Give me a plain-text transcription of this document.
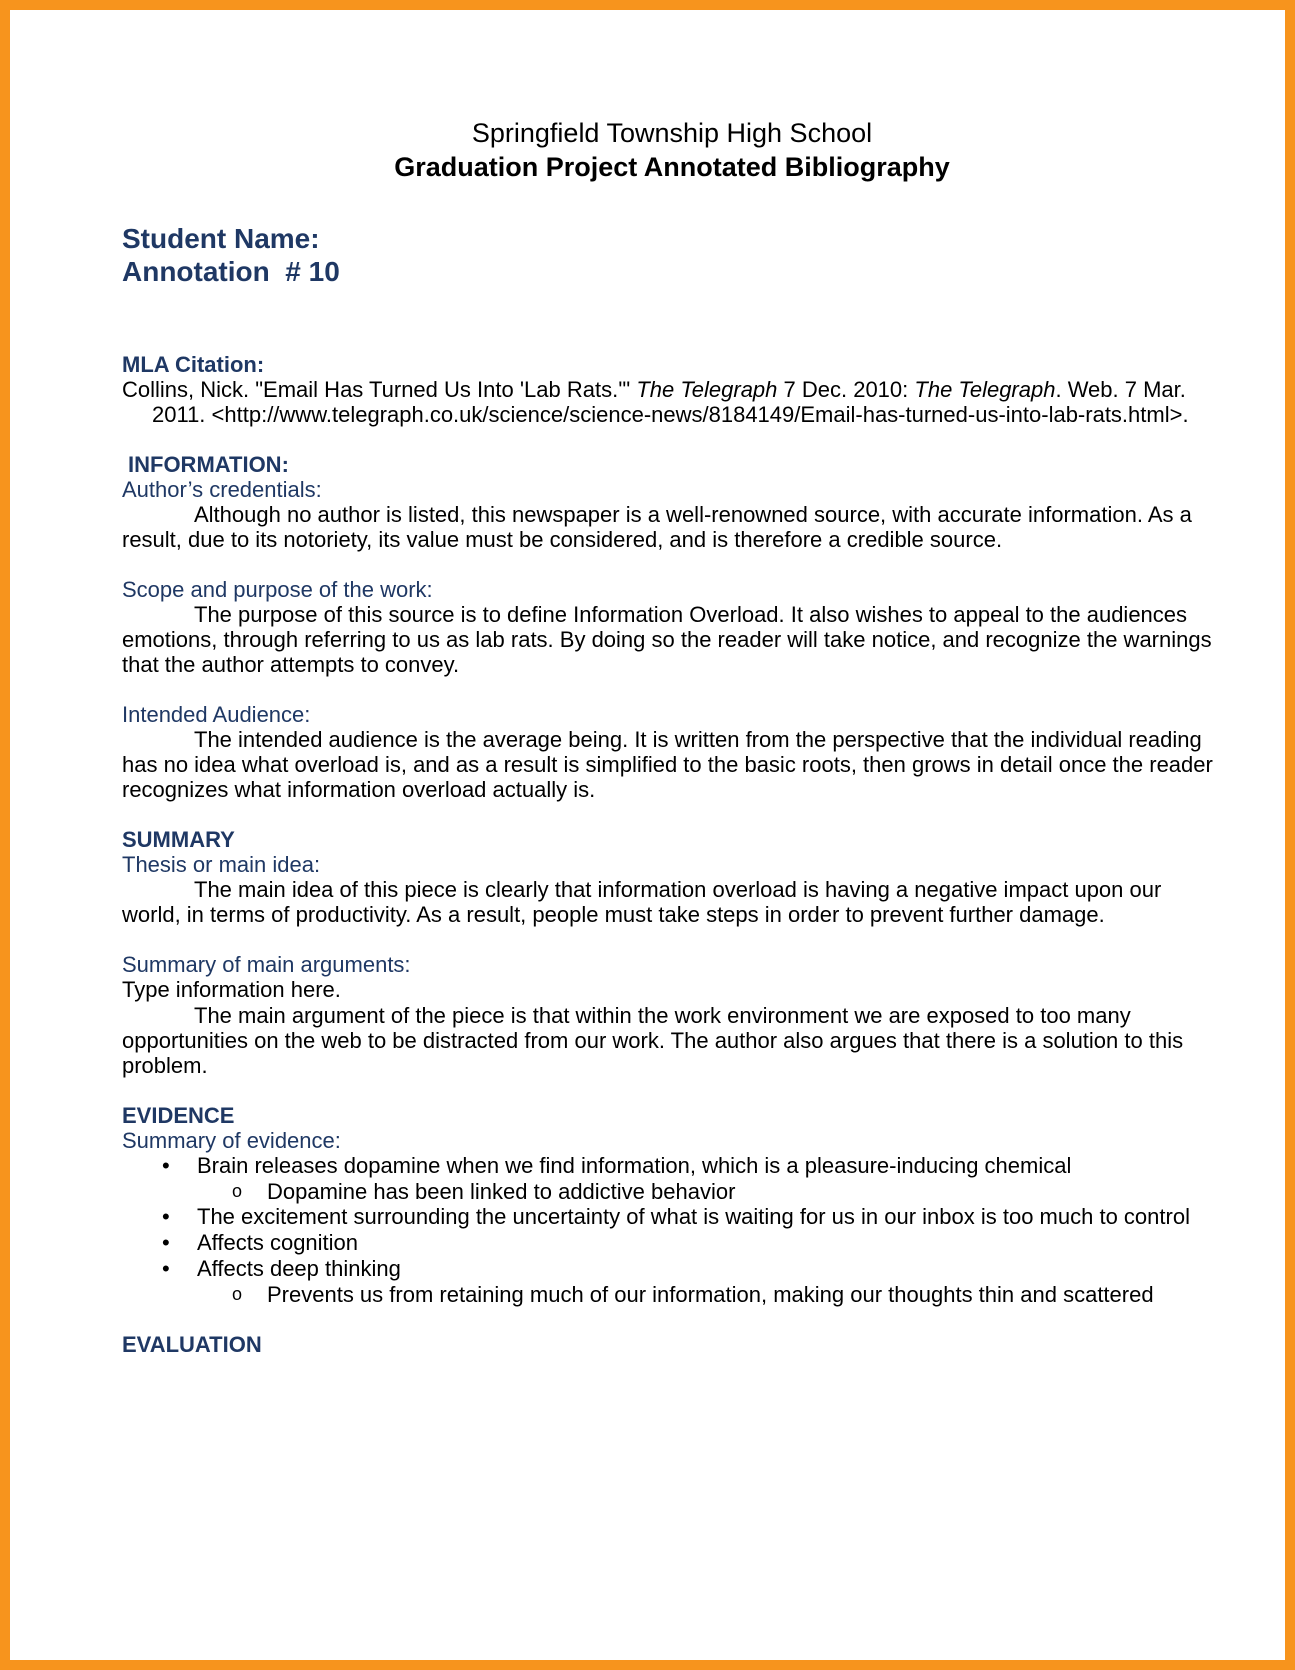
Springfield Township High School
Graduation Project Annotated Bibliography
Student Name:
Annotation  # 10
MLA Citation:
Collins, Nick. "Email Has Turned Us Into 'Lab Rats.'" The Telegraph 7 Dec. 2010: The Telegraph. Web. 7 Mar. 2011. <http://www.telegraph.co.uk/science/science-news/8184149/Email-has-turned-us-into-lab-rats.html>.
INFORMATION:
Author’s credentials:
Although no author is listed, this newspaper is a well-renowned source, with accurate information. As a result, due to its notoriety, its value must be considered, and is therefore a credible source.
Scope and purpose of the work:
The purpose of this source is to define Information Overload. It also wishes to appeal to the audiences emotions, through referring to us as lab rats. By doing so the reader will take notice, and recognize the warnings that the author attempts to convey.
Intended Audience:
The intended audience is the average being. It is written from the perspective that the individual reading has no idea what overload is, and as a result is simplified to the basic roots, then grows in detail once the reader recognizes what information overload actually is.
SUMMARY
Thesis or main idea:
The main idea of this piece is clearly that information overload is having a negative impact upon our world, in terms of productivity. As a result, people must take steps in order to prevent further damage.
Summary of main arguments:
Type information here.
The main argument of the piece is that within the work environment we are exposed to too many opportunities on the web to be distracted from our work. The author also argues that there is a solution to this problem.
EVIDENCE
Summary of evidence:
• Brain releases dopamine when we find information, which is a pleasure-inducing chemical
o Dopamine has been linked to addictive behavior
• The excitement surrounding the uncertainty of what is waiting for us in our inbox is too much to control
• Affects cognition
• Affects deep thinking
o Prevents us from retaining much of our information, making our thoughts thin and scattered
EVALUATION
